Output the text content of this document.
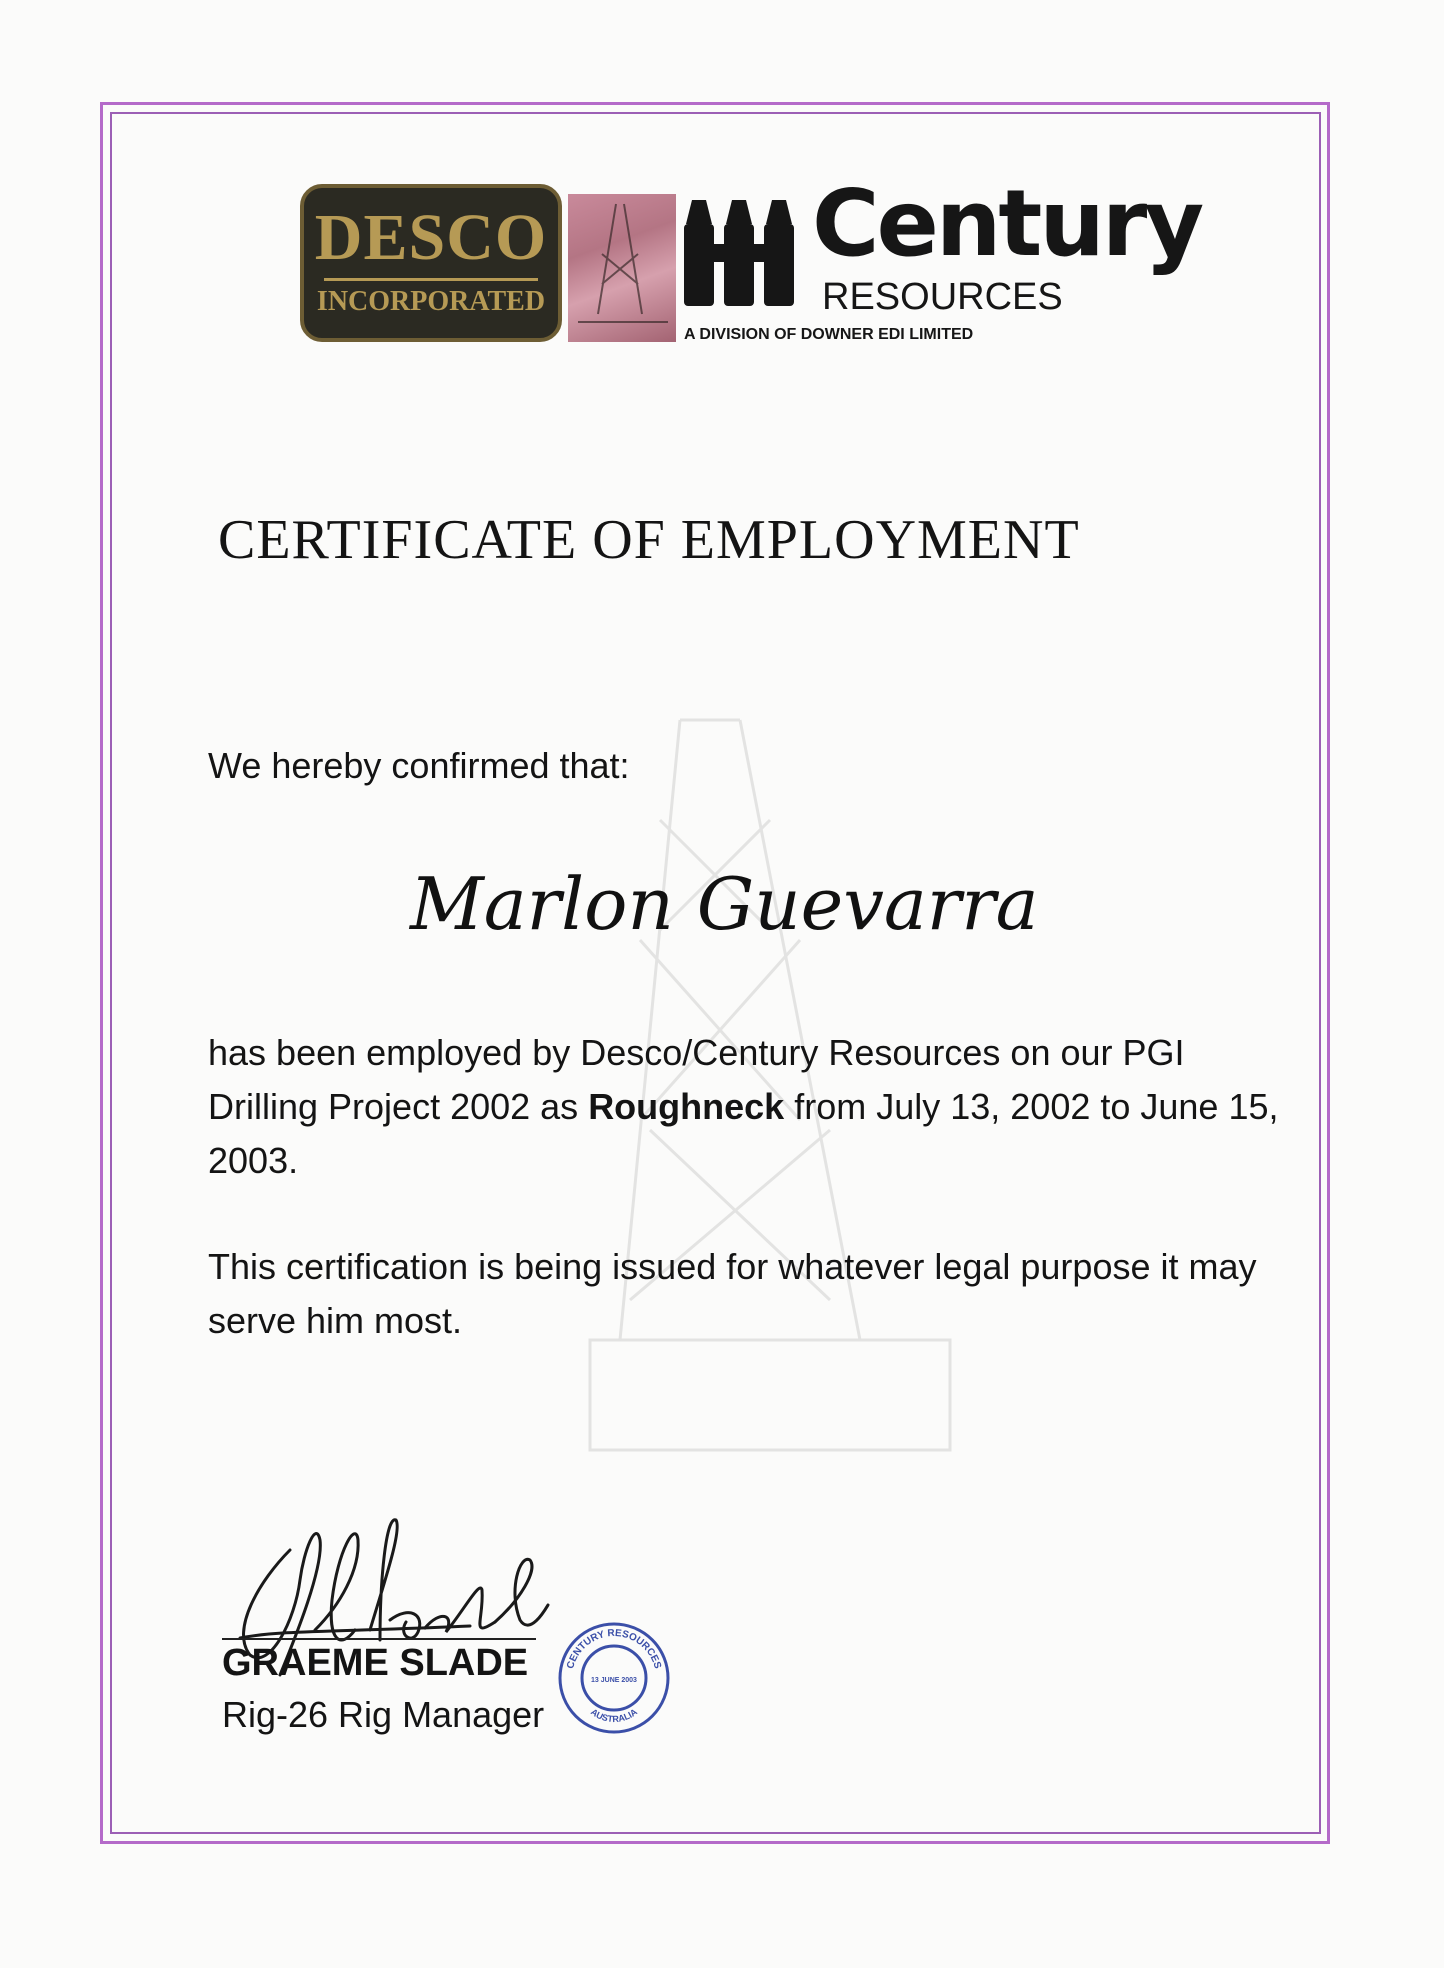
DESCO
INCORPORATED
Century
RESOURCES
A DIVISION OF DOWNER EDI LIMITED
CERTIFICATE OF EMPLOYMENT
We hereby confirmed that:
Marlon Guevarra
has been employed by Desco/Century Resources on our PGI Drilling Project 2002 as Roughneck from July 13, 2002 to June 15, 2003.
This certification is being issued for whatever legal purpose it may serve him most.
GRAEME SLADE
Rig-26 Rig Manager
CENTURY RESOURCES
AUSTRALIA
13 JUNE 2003
